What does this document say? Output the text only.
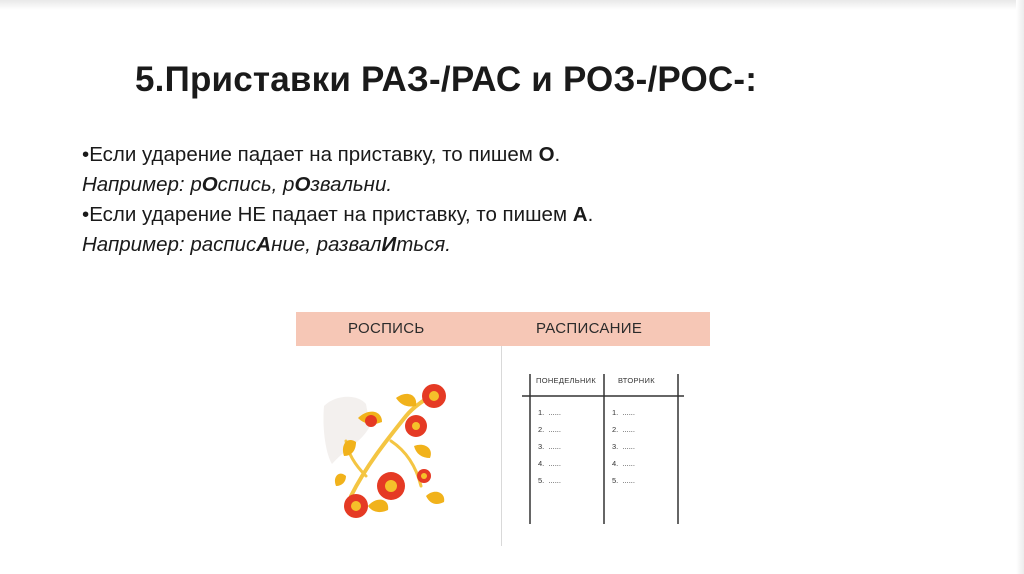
5.Приставки РАЗ-/РАС и РОЗ-/РОС-:
•Если ударение падает на приставку, то пишем О.
Например: рОспись, рОзвальни.
•Если ударение НЕ падает на приставку, то пишем А.
Например: расписАние, развалИться.
РОСПИСЬ	РАСПИСАНИЕ
ПОНЕДЕЛЬНИК	ВТОРНИК
1. ......
2. ......
3. ......
4. ......
5. ......
1. ......
2. ......
3. ......
4. ......
5. ......
